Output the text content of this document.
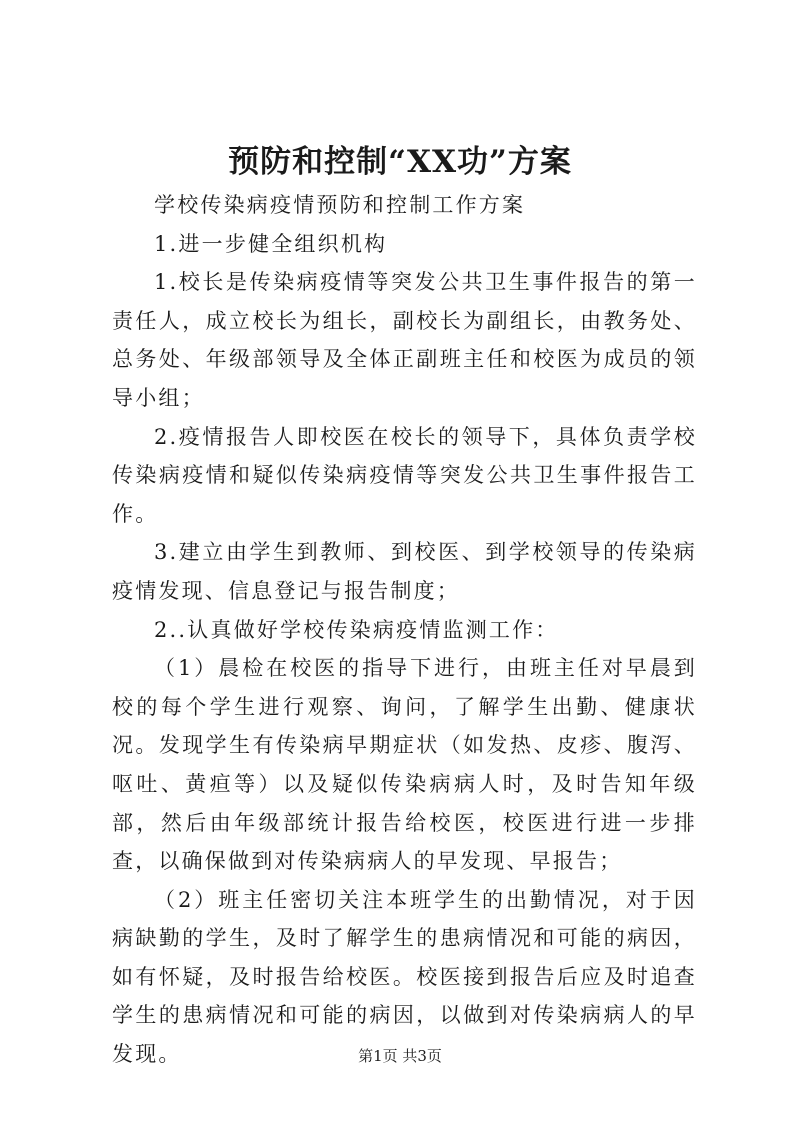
预防和控制“XX功”方案

学校传染病疫情预防和控制工作方案

1.进一步健全组织机构

1.校长是传染病疫情等突发公共卫生事件报告的第一责任人，成立校长为组长，副校长为副组长，由教务处、总务处、年级部领导及全体正副班主任和校医为成员的领导小组；

2.疫情报告人即校医在校长的领导下，具体负责学校传染病疫情和疑似传染病疫情等突发公共卫生事件报告工作。

3.建立由学生到教师、到校医、到学校领导的传染病疫情发现、信息登记与报告制度；

2..认真做好学校传染病疫情监测工作：

（1）晨检在校医的指导下进行，由班主任对早晨到校的每个学生进行观察、询问，了解学生出勤、健康状况。发现学生有传染病早期症状（如发热、皮疹、腹泻、呕吐、黄疸等）以及疑似传染病病人时，及时告知年级部，然后由年级部统计报告给校医，校医进行进一步排查，以确保做到对传染病病人的早发现、早报告；

（2）班主任密切关注本班学生的出勤情况，对于因病缺勤的学生，及时了解学生的患病情况和可能的病因，如有怀疑，及时报告给校医。校医接到报告后应及时追查学生的患病情况和可能的病因，以做到对传染病病人的早发现。	第1页 共3页
